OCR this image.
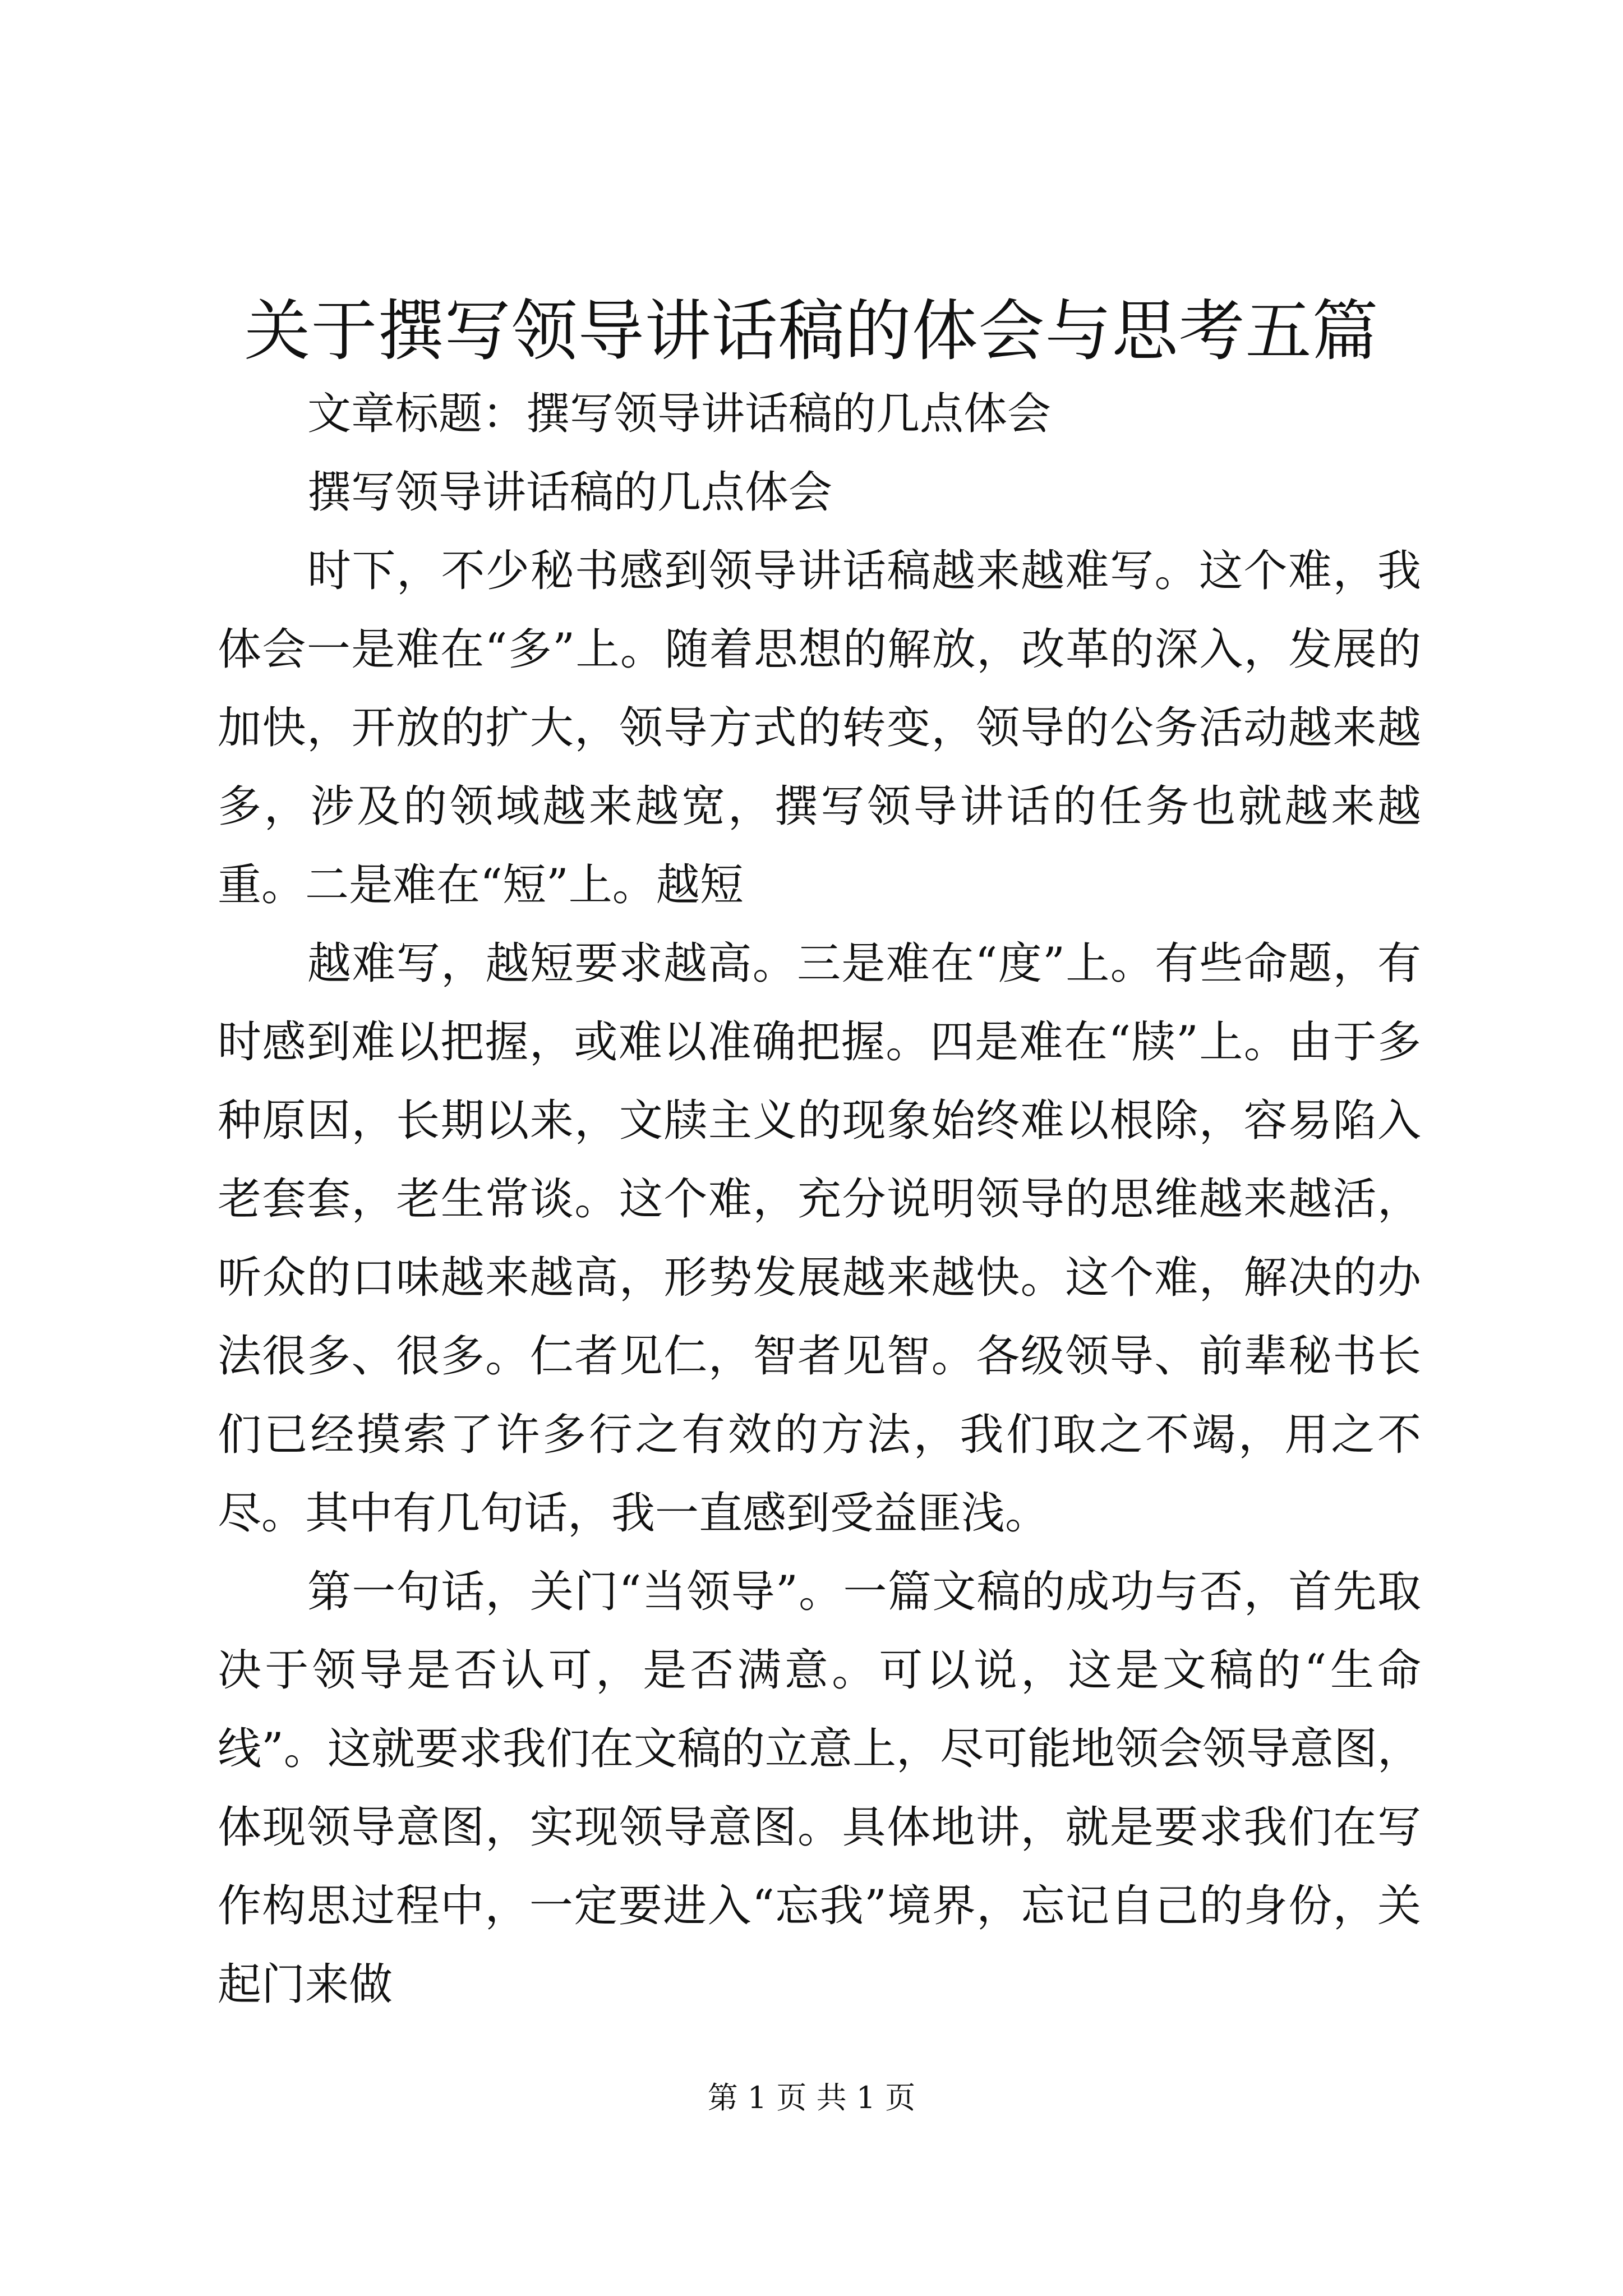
关于撰写领导讲话稿的体会与思考五篇

文章标题：撰写领导讲话稿的几点体会

撰写领导讲话稿的几点体会

时下，不少秘书感到领导讲话稿越来越难写。这个难，我体会一是难在“多”上。随着思想的解放，改革的深入，发展的加快，开放的扩大，领导方式的转变，领导的公务活动越来越多，涉及的领域越来越宽，撰写领导讲话的任务也就越来越重。二是难在“短”上。越短

越难写，越短要求越高。三是难在“度”上。有些命题，有时感到难以把握，或难以准确把握。四是难在“牍”上。由于多种原因，长期以来，文牍主义的现象始终难以根除，容易陷入老套套，老生常谈。这个难，充分说明领导的思维越来越活，听众的口味越来越高，形势发展越来越快。这个难，解决的办法很多、很多。仁者见仁，智者见智。各级领导、前辈秘书长们已经摸索了许多行之有效的方法，我们取之不竭，用之不尽。其中有几句话，我一直感到受益匪浅。

第一句话，关门“当领导”。一篇文稿的成功与否，首先取决于领导是否认可，是否满意。可以说，这是文稿的“生命线”。这就要求我们在文稿的立意上，尽可能地领会领导意图，体现领导意图，实现领导意图。具体地讲，就是要求我们在写作构思过程中，一定要进入“忘我”境界，忘记自己的身份，关起门来做

第 1 页 共 1 页
